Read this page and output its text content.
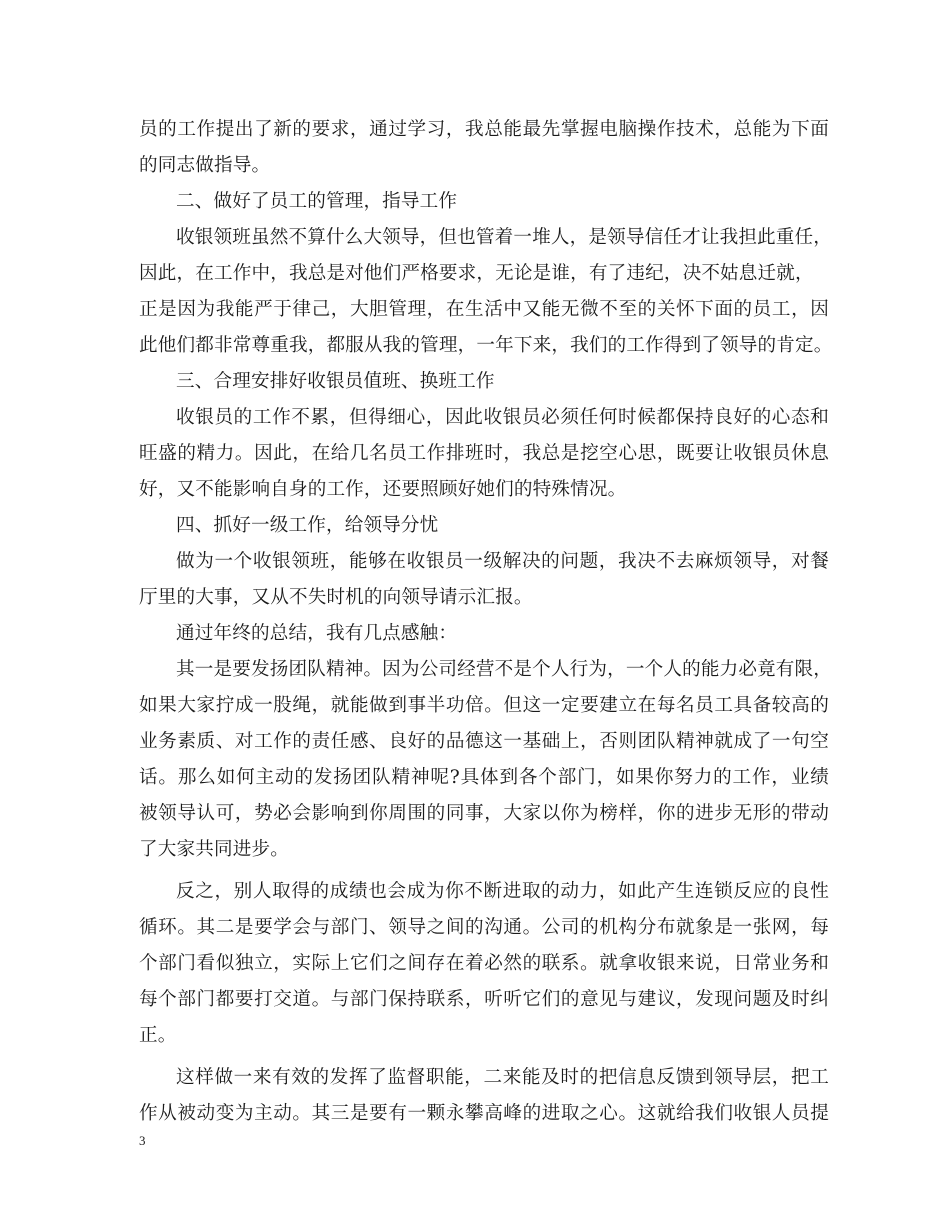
员的工作提出了新的要求，通过学习，我总能最先掌握电脑操作技术，总能为下面
的同志做指导。
二、做好了员工的管理，指导工作
收银领班虽然不算什么大领导，但也管着一堆人，是领导信任才让我担此重任，
因此，在工作中，我总是对他们严格要求，无论是谁，有了违纪，决不姑息迁就，
正是因为我能严于律己，大胆管理，在生活中又能无微不至的关怀下面的员工，因
此他们都非常尊重我，都服从我的管理，一年下来，我们的工作得到了领导的肯定。
三、合理安排好收银员值班、换班工作
收银员的工作不累，但得细心，因此收银员必须任何时候都保持良好的心态和
旺盛的精力。因此，在给几名员工作排班时，我总是挖空心思，既要让收银员休息
好，又不能影响自身的工作，还要照顾好她们的特殊情况。
四、抓好一级工作，给领导分忧
做为一个收银领班，能够在收银员一级解决的问题，我决不去麻烦领导，对餐
厅里的大事，又从不失时机的向领导请示汇报。
通过年终的总结，我有几点感触：
其一是要发扬团队精神。因为公司经营不是个人行为，一个人的能力必竟有限，
如果大家拧成一股绳，就能做到事半功倍。但这一定要建立在每名员工具备较高的
业务素质、对工作的责任感、良好的品德这一基础上，否则团队精神就成了一句空
话。那么如何主动的发扬团队精神呢?具体到各个部门，如果你努力的工作，业绩
被领导认可，势必会影响到你周围的同事，大家以你为榜样，你的进步无形的带动
了大家共同进步。
反之，别人取得的成绩也会成为你不断进取的动力，如此产生连锁反应的良性
循环。其二是要学会与部门、领导之间的沟通。公司的机构分布就象是一张网，每
个部门看似独立，实际上它们之间存在着必然的联系。就拿收银来说，日常业务和
每个部门都要打交道。与部门保持联系，听听它们的意见与建议，发现问题及时纠
正。
这样做一来有效的发挥了监督职能，二来能及时的把信息反馈到领导层，把工
作从被动变为主动。其三是要有一颗永攀高峰的进取之心。这就给我们收银人员提
3
